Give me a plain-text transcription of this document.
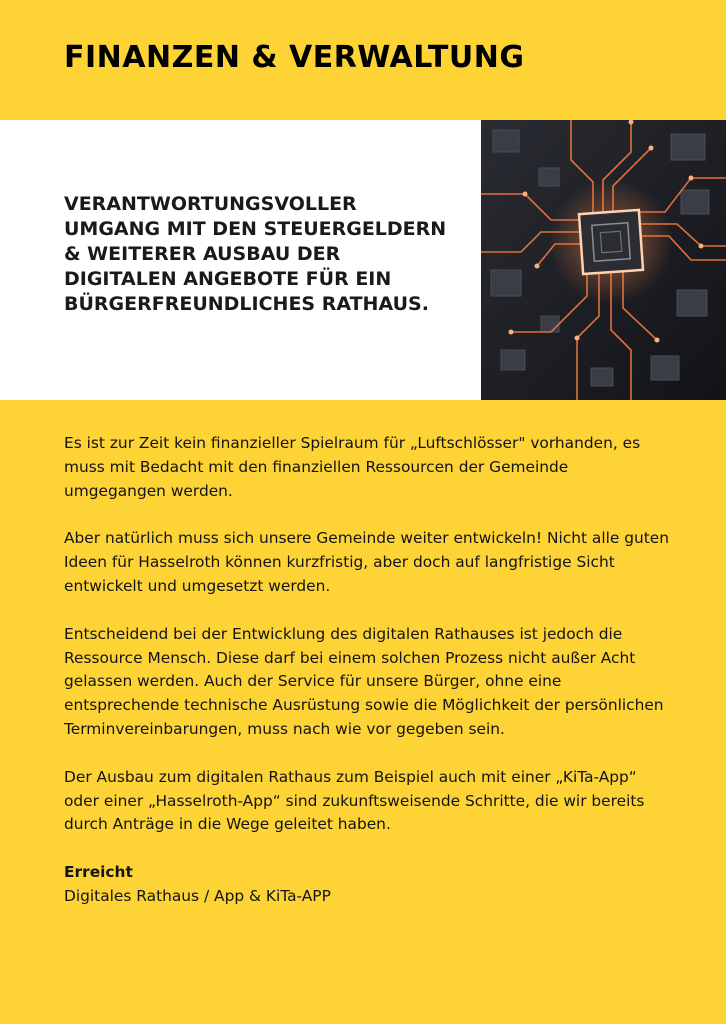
FINANZEN & VERWALTUNG
VERANTWORTUNGSVOLLER
UMGANG MIT DEN STEUERGELDERN
& WEITERER AUSBAU DER
DIGITALEN ANGEBOTE FÜR EIN
BÜRGERFREUNDLICHES RATHAUS.

Es ist zur Zeit kein finanzieller Spielraum für „Luftschlösser" vorhanden, es muss mit Bedacht mit den finanziellen Ressourcen der Gemeinde umgegangen werden.

Aber natürlich muss sich unsere Gemeinde weiter entwickeln! Nicht alle guten Ideen für Hasselroth können kurzfristig, aber doch auf langfristige Sicht entwickelt und umgesetzt werden.

Entscheidend bei der Entwicklung des digitalen Rathauses ist jedoch die Ressource Mensch. Diese darf bei einem solchen Prozess nicht außer Acht gelassen werden. Auch der Service für unsere Bürger, ohne eine entsprechende technische Ausrüstung sowie die Möglichkeit der persönlichen Terminvereinbarungen, muss nach wie vor gegeben sein.

Der Ausbau zum digitalen Rathaus zum Beispiel auch mit einer „KiTa-App“ oder einer „Hasselroth-App“ sind zukunftsweisende Schritte, die wir bereits durch Anträge in die Wege geleitet haben.

Erreicht
Digitales Rathaus / App & KiTa-APP
